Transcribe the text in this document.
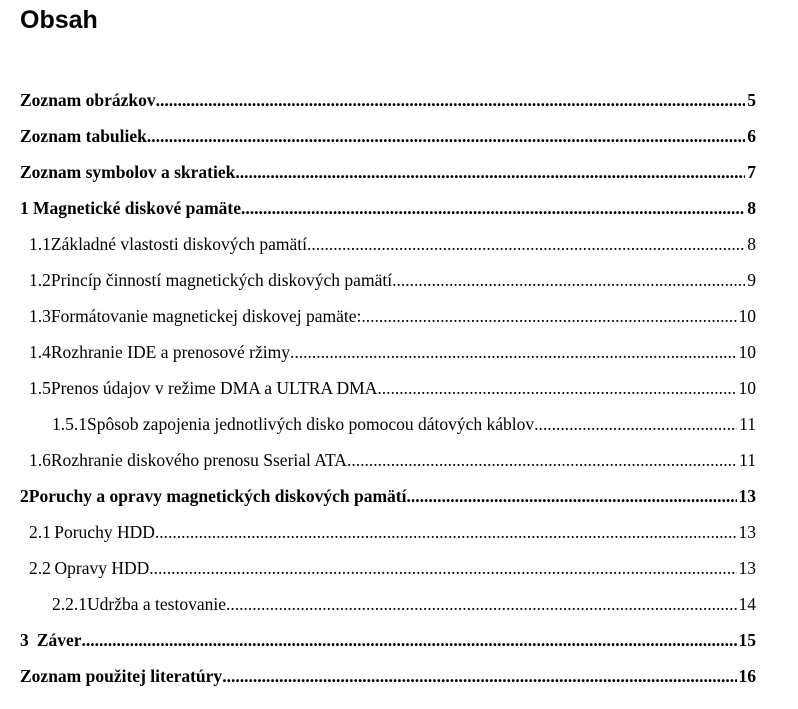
Obsah
Zoznam obrázkov .....	5
Zoznam tabuliek .....	6
Zoznam symbolov a skratiek .....	7
1 Magnetické diskové pamäte .....	8
1.1 Základné vlastosti diskových pamätí .....	8
1.2 Princíp činností magnetických diskových pamätí .....	9
1.3 Formátovanie magnetickej diskovej pamäte: .....	10
1.4 Rozhranie IDE a prenosové ržimy .....	10
1.5 Prenos údajov v režime DMA a ULTRA DMA .....	10
1.5.1 Spôsob zapojenia jednotlivých disko pomocou dátových káblov .....	11
1.6 Rozhranie diskového prenosu Sserial ATA .....	11
2 Poruchy a opravy magnetických diskových pamätí. .....	13
2.1 Poruchy HDD .....	13
2.2 Opravy HDD .....	13
2.2.1 Udržba a testovanie .....	14
3 Záver .....	15
Zoznam použitej literatúry .....	16
